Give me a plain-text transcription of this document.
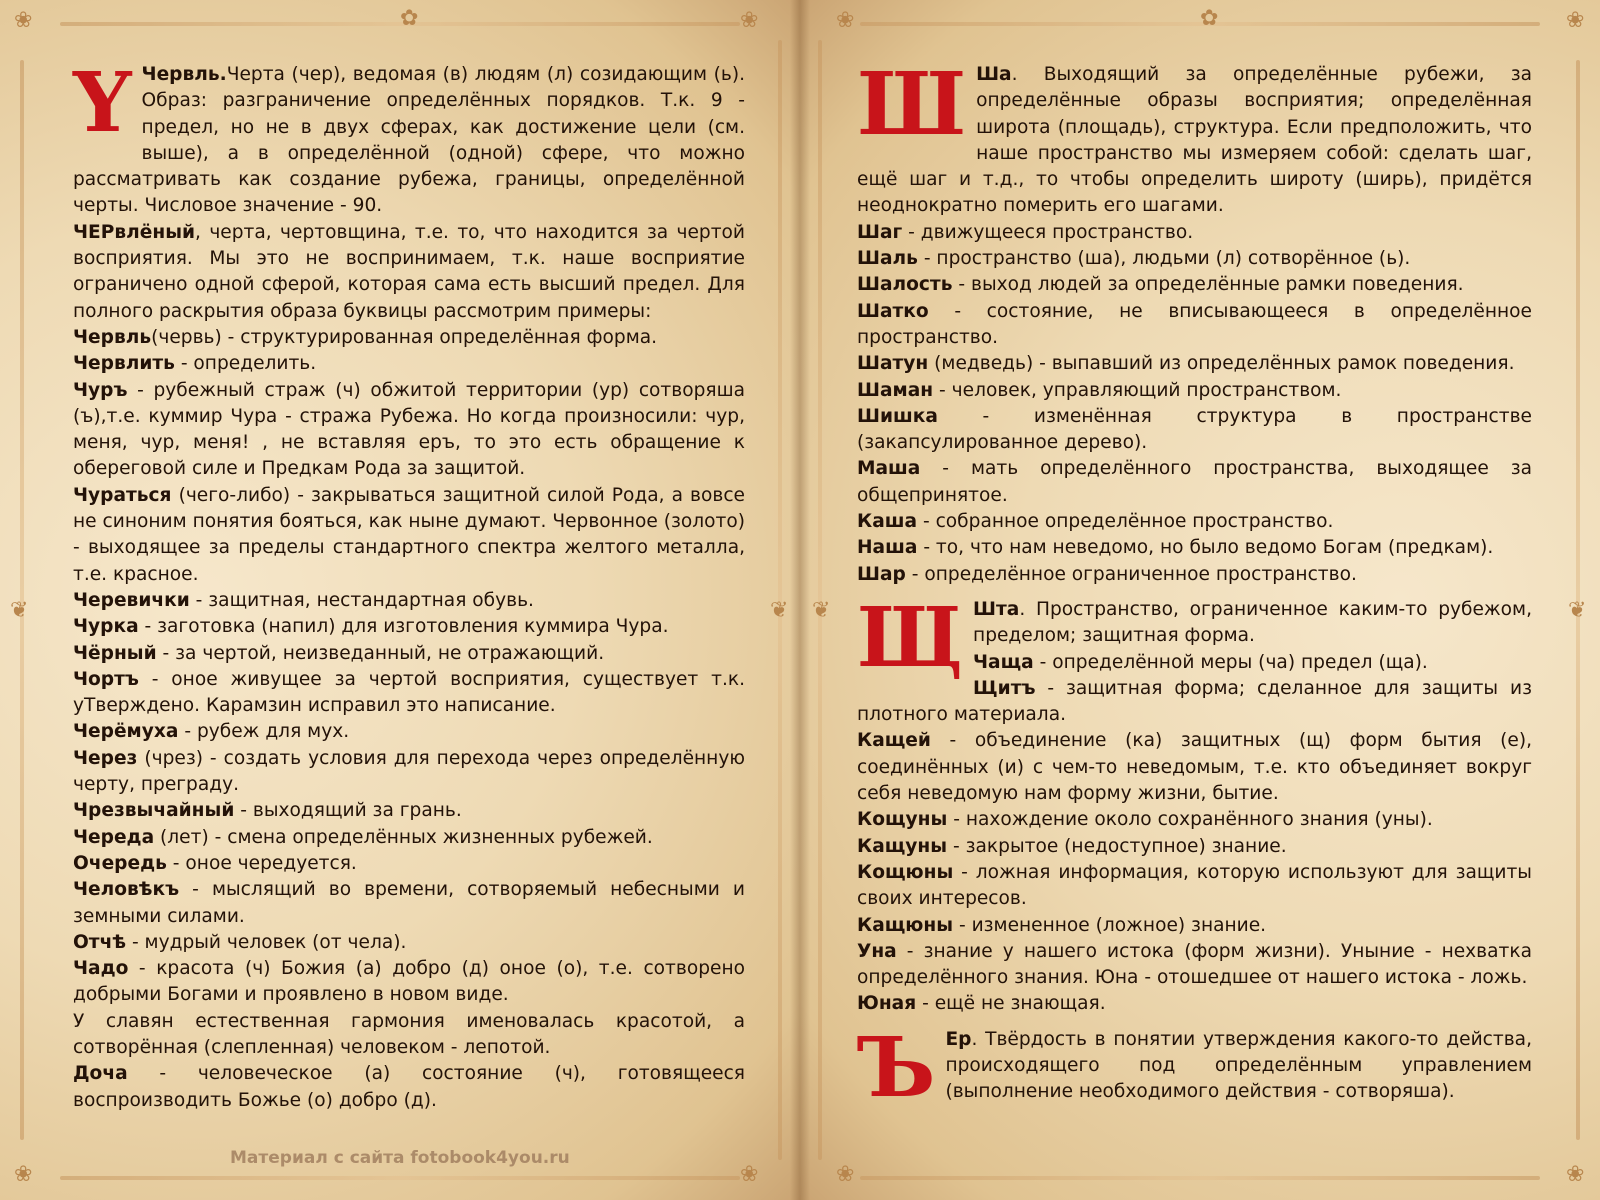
❀	✿	❀	❀	✿	❀
❀	❀	❀	❀
❦	❦
❦ ❦

Ү Червль.Черта (чер), ведомая (в) людям (л) созидающим (ь). Образ: разграничение определённых порядков. Т.к. 9 - предел, но не в двух сферах, как достижение цели (см. выше), а в определённой (одной) сфере, что можно рассматривать как создание рубежа, границы, определённой черты. Числовое значение - 90.

ЧЕРвлёный, черта, чертовщина, т.е. то, что находится за чертой восприятия. Мы это не воспринимаем, т.к. наше восприятие ограничено одной сферой, которая сама есть высший предел. Для полного раскрытия образа буквицы рассмотрим примеры:

Червль(червь) - структурированная определённая форма.

Червлить - определить.

Чуръ - рубежный страж (ч) обжитой территории (ур) сотворяша (ъ),т.е. куммир Чура - стража Рубежа. Но когда произносили: чур, меня, чур, меня! , не вставляя еръ, то это есть обращение к обереговой силе и Предкам Рода за защитой.

Чураться (чего-либо) - закрываться защитной силой Рода, а вовсе не синоним понятия бояться, как ныне думают. Червонное (золото) - выходящее за пределы стандартного спектра желтого металла, т.е. красное.

Черевички - защитная, нестандартная обувь.

Чурка - заготовка (напил) для изготовления куммира Чура.

Чёрный - за чертой, неизведанный, не отражающий.

Чортъ - оное живущее за чертой восприятия, существует т.к. уТверждено. Карамзин исправил это написание.

Черёмуха - рубеж для мух.

Через (чрез) - создать условия для перехода через определённую черту, преграду.

Чрезвычайный - выходящий за грань.

Череда (лет) - смена определённых жизненных рубежей.

Очередь - оное чередуется.

Человѣкъ - мыслящий во времени, сотворяемый небесными и земными силами.

Отчѣ - мудрый человек (от чела).

Чадо - красота (ч) Божия (а) добро (д) оное (о), т.е. сотворено добрыми Богами и проявлено в новом виде.

У славян естественная гармония именовалась красотой, а сотворённая (слепленная) человеком - лепотой.

Доча - человеческое (а) состояние (ч), готовящееся воспроизводить Божье (о) добро (д).

Ш Ша. Выходящий за определённые рубежи, за определённые образы восприятия; определённая широта (площадь), структура. Если предположить, что наше пространство мы измеряем собой: сделать шаг, ещё шаг и т.д., то чтобы определить широту (ширь), придётся неоднократно померить его шагами.

Шаг - движущееся пространство.

Шаль - пространство (ша), людьми (л) сотворённое (ь).

Шалость - выход людей за определённые рамки поведения.

Шатко - состояние, не вписывающееся в определённое пространство.

Шатун (медведь) - выпавший из определённых рамок поведения.

Шаман - человек, управляющий пространством.

Шишка - изменённая структура в пространстве (закапсулированное дерево).

Маша - мать определённого пространства, выходящее за общепринятое.

Каша - собранное определённое пространство.

Наша - то, что нам неведомо, но было ведомо Богам (предкам).

Шар - определённое ограниченное пространство.

Щ Шта. Пространство, ограниченное каким-то рубежом, пределом; защитная форма.

Чаща - определённой меры (ча) предел (ща).

Щитъ - защитная форма; сделанное для защиты из плотного материала.

Кащей - объединение (ка) защитных (щ) форм бытия (е), соединённых (и) с чем-то неведомым, т.е. кто объединяет вокруг себя неведомую нам форму жизни, бытие.

Кощуны - нахождение около сохранённого знания (уны).

Кащуны - закрытое (недоступное) знание.

Кощюны - ложная информация, которую используют для защиты своих интересов.

Кащюны - измененное (ложное) знание.

Уна - знание у нашего истока (форм жизни). Уныние - нехватка определённого знания. Юна - отошедшее от нашего истока - ложь.

Юная - ещё не знающая.

Ъ Ер. Твёрдость в понятии утверждения какого-то действа, происходящего под определённым управлением (выполнение необходимого действия - сотворяша).

Материал с сайта fotobook4you.ru
